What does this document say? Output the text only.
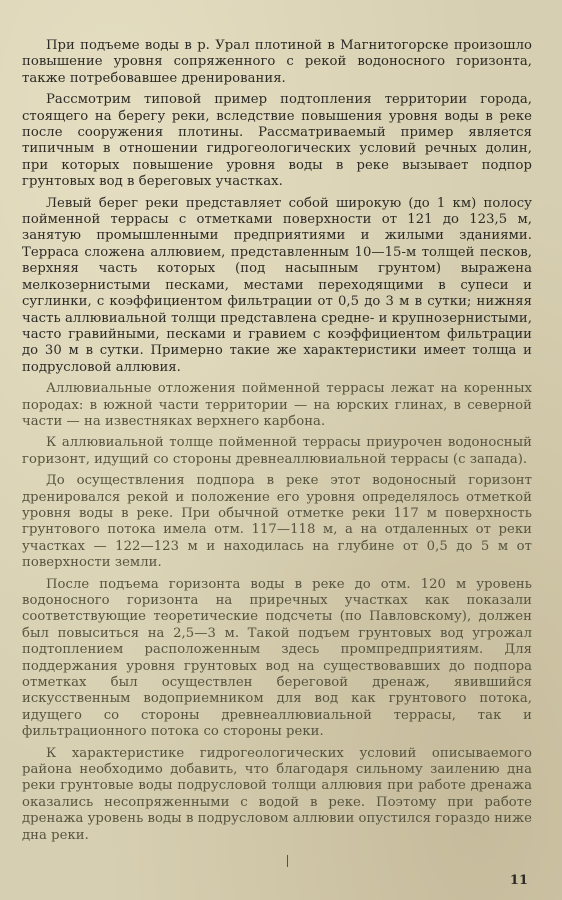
При подъеме воды в р. Урал плотиной в Магнитогорске произошло повышение уровня сопряженного с рекой водоносного горизонта, также потребовавшее дренирования.

Рассмотрим типовой пример подтопления территории города, стоящего на берегу реки, вследствие повышения уровня воды в реке после сооружения плотины. Рассматриваемый пример является типичным в отношении гидрогеологических условий речных долин, при которых повышение уровня воды в реке вызывает подпор грунтовых вод в береговых участках.

Левый берег реки представляет собой широкую (до 1 км) полосу пойменной террасы с отметками поверхности от 121 до 123,5 м, занятую промышленными предприятиями и жилыми зданиями. Терраса сложена аллювием, представленным 10—15-м толщей песков, верхняя часть которых (под насыпным грунтом) выражена мелкозернистыми песками, местами переходящими в супеси и суглинки, с коэффициентом фильтрации от 0,5 до 3 м в сутки; нижняя часть аллювиальной толщи представлена средне- и крупнозернистыми, часто гравийными, песками и гравием с коэффициентом фильтрации до 30 м в сутки. Примерно такие же характеристики имеет толща и подрусловой аллювия.

Аллювиальные отложения пойменной террасы лежат на коренных породах: в южной части территории — на юрских глинах, в северной части — на известняках верхнего карбона.

К аллювиальной толще пойменной террасы приурочен водоносный горизонт, идущий со стороны древнеаллювиальной террасы (с запада).

До осуществления подпора в реке этот водоносный горизонт дренировался рекой и положение его уровня определялось отметкой уровня воды в реке. При обычной отметке реки 117 м поверхность грунтового потока имела отм. 117—118 м, а на отдаленных от реки участках — 122—123 м и находилась на глубине от 0,5 до 5 м от поверхности земли.

После подъема горизонта воды в реке до отм. 120 м уровень водоносного горизонта на приречных участках как показали соответствующие теоретические подсчеты (по Павловскому), должен был повыситься на 2,5—3 м. Такой подъем грунтовых вод угрожал подтоплением расположенным здесь промпредприятиям. Для поддержания уровня грунтовых вод на существовавших до подпора отметках был осуществлен береговой дренаж, явившийся искусственным водоприемником для вод как грунтового потока, идущего со стороны древнеаллювиальной террасы, так и фильтрационного потока со стороны реки.

К характеристике гидрогеологических условий описываемого района необходимо добавить, что благодаря сильному заилению дна реки грунтовые воды подрусловой толщи аллювия при работе дренажа оказались несопряженными с водой в реке. Поэтому при работе дренажа уровень воды в подрусловом аллювии опустился гораздо ниже дна реки.

11
